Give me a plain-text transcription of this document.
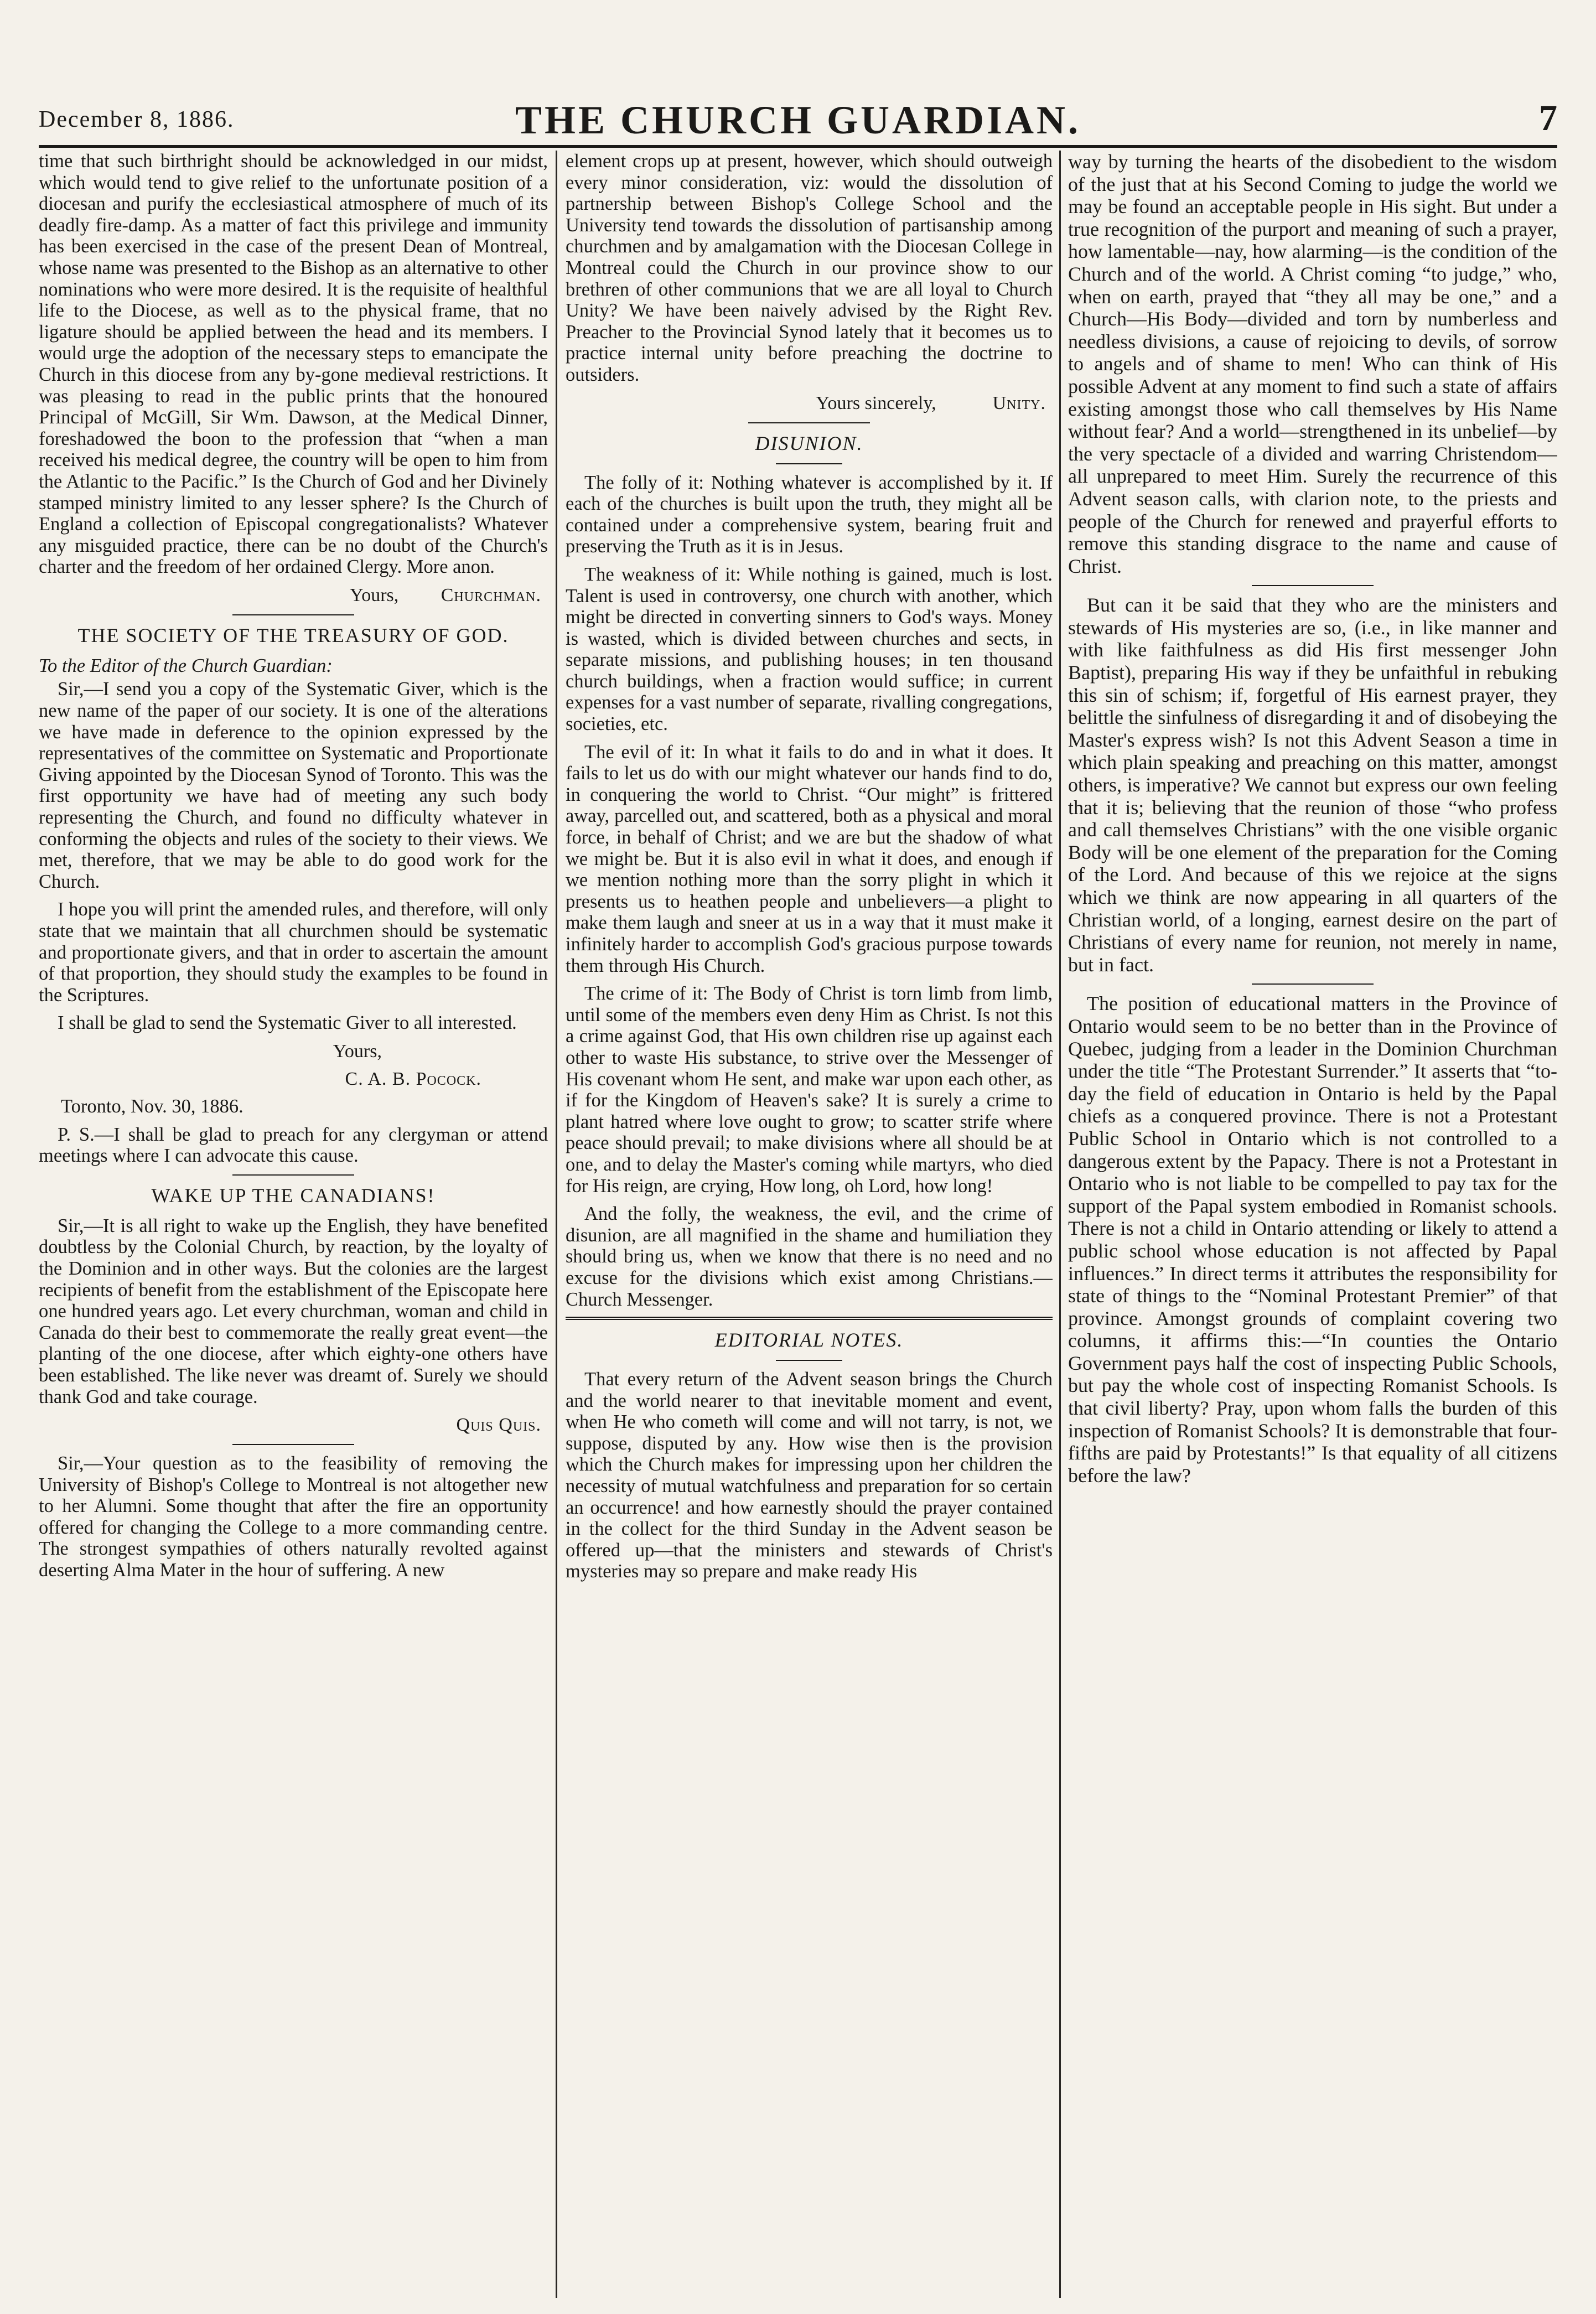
December 8, 1886.	THE CHURCH GUARDIAN.	7

time that such birthright should be acknowledged in our midst, which would tend to give relief to the unfortunate position of a diocesan and purify the ecclesiastical atmosphere of much of its deadly fire-damp. As a matter of fact this privilege and immunity has been exercised in the case of the present Dean of Montreal, whose name was presented to the Bishop as an alternative to other nominations who were more desired. It is the requisite of healthful life to the Diocese, as well as to the physical frame, that no ligature should be applied between the head and its members. I would urge the adoption of the necessary steps to emancipate the Church in this diocese from any by-gone medieval restrictions. It was pleasing to read in the public prints that the honoured Principal of McGill, Sir Wm. Dawson, at the Medical Dinner, foreshadowed the boon to the profession that “when a man received his medical degree, the country will be open to him from the Atlantic to the Pacific.” Is the Church of God and her Divinely stamped ministry limited to any lesser sphere? Is the Church of England a collection of Episcopal congregationalists? Whatever any misguided practice, there can be no doubt of the Church's charter and the freedom of her ordained Clergy. More anon.

Yours, Churchman.
THE SOCIETY OF THE TREASURY OF GOD.

To the Editor of the Church Guardian:

Sir,—I send you a copy of the Systematic Giver, which is the new name of the paper of our society. It is one of the alterations we have made in deference to the opinion expressed by the representatives of the committee on Systematic and Proportionate Giving appointed by the Diocesan Synod of Toronto. This was the first opportunity we have had of meeting any such body representing the Church, and found no difficulty whatever in conforming the objects and rules of the society to their views. We met, therefore, that we may be able to do good work for the Church.

I hope you will print the amended rules, and therefore, will only state that we maintain that all churchmen should be systematic and proportionate givers, and that in order to ascertain the amount of that proportion, they should study the examples to be found in the Scriptures.

I shall be glad to send the Systematic Giver to all interested.

Yours,
C. A. B. Pocock.

Toronto, Nov. 30, 1886.

P. S.—I shall be glad to preach for any clergyman or attend meetings where I can advocate this cause.

WAKE UP THE CANADIANS!

Sir,—It is all right to wake up the English, they have benefited doubtless by the Colonial Church, by reaction, by the loyalty of the Dominion and in other ways. But the colonies are the largest recipients of benefit from the establishment of the Episcopate here one hundred years ago. Let every churchman, woman and child in Canada do their best to commemorate the really great event—the planting of the one diocese, after which eighty-one others have been established. The like never was dreamt of. Surely we should thank God and take courage.

Quis Quis.

Sir,—Your question as to the feasibility of removing the University of Bishop's College to Montreal is not altogether new to her Alumni. Some thought that after the fire an opportunity offered for changing the College to a more commanding centre. The strongest sympathies of others naturally revolted against deserting Alma Mater in the hour of suffering. A new

element crops up at present, however, which should outweigh every minor consideration, viz: would the dissolution of partnership between Bishop's College School and the University tend towards the dissolution of partisanship among churchmen and by amalgamation with the Diocesan College in Montreal could the Church in our province show to our brethren of other communions that we are all loyal to Church Unity? We have been naively advised by the Right Rev. Preacher to the Provincial Synod lately that it becomes us to practice internal unity before preaching the doctrine to outsiders.

Yours sincerely,	Unity.
DISUNION.

The folly of it: Nothing whatever is accomplished by it. If each of the churches is built upon the truth, they might all be contained under a comprehensive system, bearing fruit and preserving the Truth as it is in Jesus.

The weakness of it: While nothing is gained, much is lost. Talent is used in controversy, one church with another, which might be directed in converting sinners to God's ways. Money is wasted, which is divided between churches and sects, in separate missions, and publishing houses; in ten thousand church buildings, when a fraction would suffice; in current expenses for a vast number of separate, rivalling congregations, societies, etc.

The evil of it: In what it fails to do and in what it does. It fails to let us do with our might whatever our hands find to do, in conquering the world to Christ. “Our might” is frittered away, parcelled out, and scattered, both as a physical and moral force, in behalf of Christ; and we are but the shadow of what we might be. But it is also evil in what it does, and enough if we mention nothing more than the sorry plight in which it presents us to heathen people and unbelievers—a plight to make them laugh and sneer at us in a way that it must make it infinitely harder to accomplish God's gracious purpose towards them through His Church.

The crime of it: The Body of Christ is torn limb from limb, until some of the members even deny Him as Christ. Is not this a crime against God, that His own children rise up against each other to waste His substance, to strive over the Messenger of His covenant whom He sent, and make war upon each other, as if for the Kingdom of Heaven's sake? It is surely a crime to plant hatred where love ought to grow; to scatter strife where peace should prevail; to make divisions where all should be at one, and to delay the Master's coming while martyrs, who died for His reign, are crying, How long, oh Lord, how long!

And the folly, the weakness, the evil, and the crime of disunion, are all magnified in the shame and humiliation they should bring us, when we know that there is no need and no excuse for the divisions which exist among Christians.—Church Messenger.

EDITORIAL NOTES.

That every return of the Advent season brings the Church and the world nearer to that inevitable moment and event, when He who cometh will come and will not tarry, is not, we suppose, disputed by any. How wise then is the provision which the Church makes for impressing upon her children the necessity of mutual watchfulness and preparation for so certain an occurrence! and how earnestly should the prayer contained in the collect for the third Sunday in the Advent season be offered up—that the ministers and stewards of Christ's mysteries may so prepare and make ready His

way by turning the hearts of the disobedient to the wisdom of the just that at his Second Coming to judge the world we may be found an acceptable people in His sight. But under a true recognition of the purport and meaning of such a prayer, how lamentable—nay, how alarming—is the condition of the Church and of the world. A Christ coming “to judge,” who, when on earth, prayed that “they all may be one,” and a Church—His Body—divided and torn by numberless and needless divisions, a cause of rejoicing to devils, of sorrow to angels and of shame to men! Who can think of His possible Advent at any moment to find such a state of affairs existing amongst those who call themselves by His Name without fear? And a world—strengthened in its unbelief—by the very spectacle of a divided and warring Christendom—all unprepared to meet Him. Surely the recurrence of this Advent season calls, with clarion note, to the priests and people of the Church for renewed and prayerful efforts to remove this standing disgrace to the name and cause of Christ.

But can it be said that they who are the ministers and stewards of His mysteries are so, (i.e., in like manner and with like faithfulness as did His first messenger John Baptist), preparing His way if they be unfaithful in rebuking this sin of schism; if, forgetful of His earnest prayer, they belittle the sinfulness of disregarding it and of disobeying the Master's express wish? Is not this Advent Season a time in which plain speaking and preaching on this matter, amongst others, is imperative? We cannot but express our own feeling that it is; believing that the reunion of those “who profess and call themselves Christians” with the one visible organic Body will be one element of the preparation for the Coming of the Lord. And because of this we rejoice at the signs which we think are now appearing in all quarters of the Christian world, of a longing, earnest desire on the part of Christians of every name for reunion, not merely in name, but in fact.

The position of educational matters in the Province of Ontario would seem to be no better than in the Province of Quebec, judging from a leader in the Dominion Churchman under the title “The Protestant Surrender.” It asserts that “to-day the field of education in Ontario is held by the Papal chiefs as a conquered province. There is not a Protestant Public School in Ontario which is not controlled to a dangerous extent by the Papacy. There is not a Protestant in Ontario who is not liable to be compelled to pay tax for the support of the Papal system embodied in Romanist schools. There is not a child in Ontario attending or likely to attend a public school whose education is not affected by Papal influences.” In direct terms it attributes the responsibility for state of things to the “Nominal Protestant Premier” of that province. Amongst grounds of complaint covering two columns, it affirms this:—“In counties the Ontario Government pays half the cost of inspecting Public Schools, but pay the whole cost of inspecting Romanist Schools. Is that civil liberty? Pray, upon whom falls the burden of this inspection of Romanist Schools? It is demonstrable that four-fifths are paid by Protestants!” Is that equality of all citizens before the law?
